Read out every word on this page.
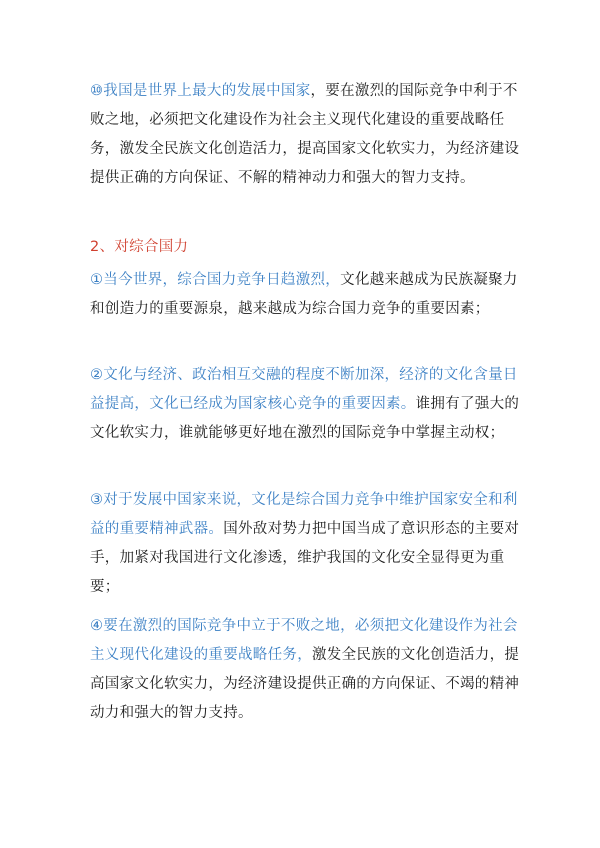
⑩我国是世界上最大的发展中国家，要在激烈的国际竞争中利于不败之地，必须把文化建设作为社会主义现代化建设的重要战略任务，激发全民族文化创造活力，提高国家文化软实力，为经济建设提供正确的方向保证、不解的精神动力和强大的智力支持。

2、对综合国力

①当今世界，综合国力竞争日趋激烈，文化越来越成为民族凝聚力和创造力的重要源泉，越来越成为综合国力竞争的重要因素；

②文化与经济、政治相互交融的程度不断加深，经济的文化含量日益提高，文化已经成为国家核心竞争的重要因素。谁拥有了强大的文化软实力，谁就能够更好地在激烈的国际竞争中掌握主动权；

③对于发展中国家来说，文化是综合国力竞争中维护国家安全和利益的重要精神武器。国外敌对势力把中国当成了意识形态的主要对手，加紧对我国进行文化渗透，维护我国的文化安全显得更为重要；

④要在激烈的国际竞争中立于不败之地，必须把文化建设作为社会主义现代化建设的重要战略任务，激发全民族的文化创造活力，提高国家文化软实力，为经济建设提供正确的方向保证、不竭的精神动力和强大的智力支持。
